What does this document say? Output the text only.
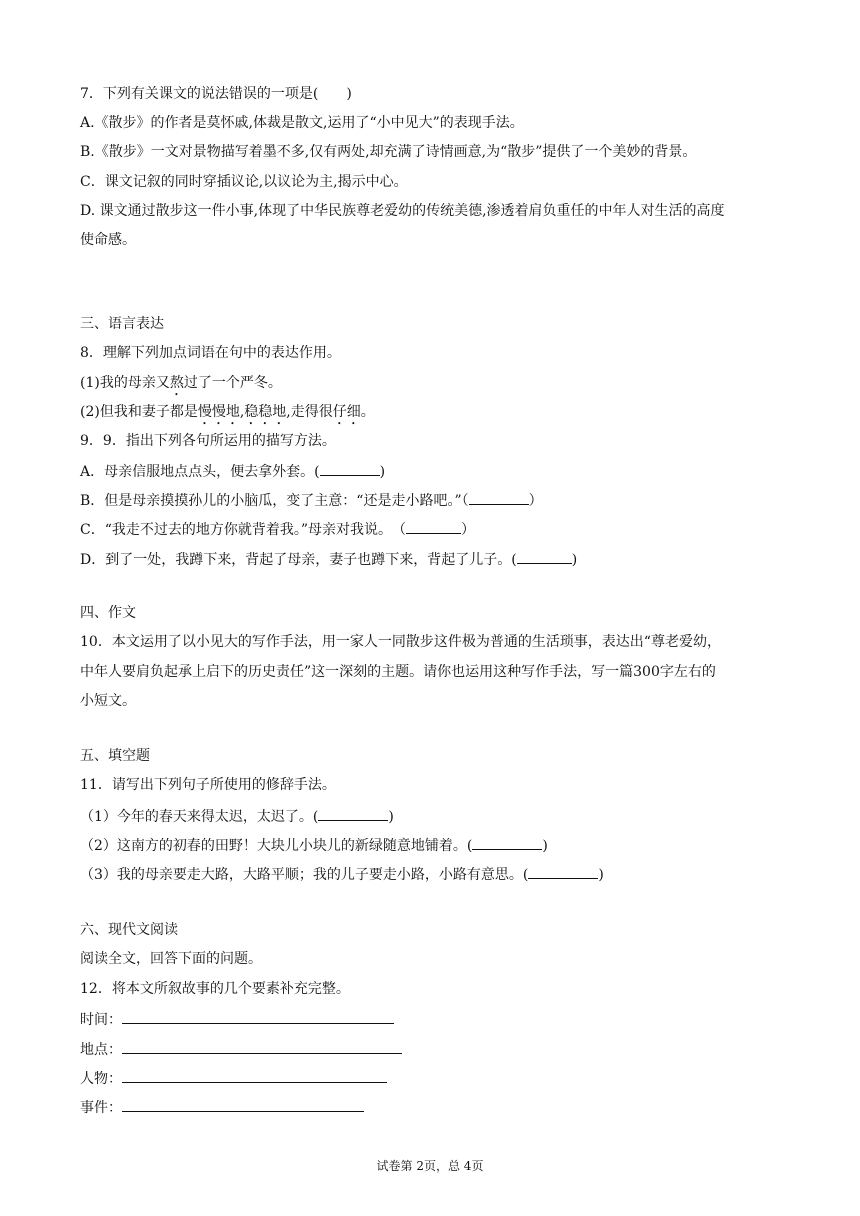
7．下列有关课文的说法错误的一项是(　　)
A.《散步》的作者是莫怀戚,体裁是散文,运用了“小中见大”的表现手法。
B.《散步》一文对景物描写着墨不多,仅有两处,却充满了诗情画意,为“散步”提供了一个美妙的背景。
C．课文记叙的同时穿插议论,以议论为主,揭示中心。
D. 课文通过散步这一件小事,体现了中华民族尊老爱幼的传统美德,渗透着肩负重任的中年人对生活的高度
使命感。
三、语言表达
8．理解下列加点词语在句中的表达作用。
(1)我的母亲又熬过了一个严冬。
(2)但我和妻子都是慢慢地,稳稳地,走得很仔细。
9．9．指出下列各句所运用的描写方法。
A．母亲信服地点点头，便去拿外套。(	)
B．但是母亲摸摸孙儿的小脑瓜，变了主意：“还是走小路吧。”（	）
C．“我走不过去的地方你就背着我。”母亲对我说。　（	）
D．到了一处，我蹲下来，背起了母亲，妻子也蹲下来，背起了儿子。(	)
四、作文
10．本文运用了以小见大的写作手法，用一家人一同散步这件极为普通的生活琐事，表达出“尊老爱幼，
中年人要肩负起承上启下的历史责任”这一深刻的主题。请你也运用这种写作手法，写一篇300字左右的
小短文。
五、填空题
11．请写出下列句子所使用的修辞手法。
（1）今年的春天来得太迟，太迟了。(	)
（2）这南方的初春的田野！大块儿小块儿的新绿随意地铺着。(	)
（3）我的母亲要走大路，大路平顺；我的儿子要走小路，小路有意思。(	)
六、现代文阅读
阅读全文，回答下面的问题。
12．将本文所叙故事的几个要素补充完整。
时间：
地点：
人物：
事件：
试卷第 2页，总 4页
